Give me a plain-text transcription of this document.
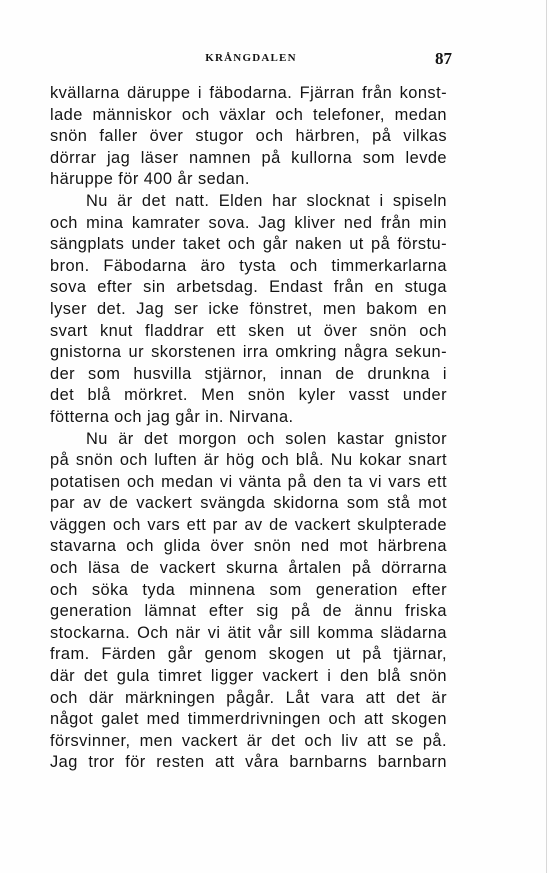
KRÅNGDALEN	87
kvällarna däruppe i fäbodarna. Fjärran från konst-
lade människor och växlar och telefoner, medan
snön faller över stugor och härbren, på vilkas
dörrar jag läser namnen på kullorna som levde
häruppe för 400 år sedan.
Nu är det natt. Elden har slocknat i spiseln
och mina kamrater sova. Jag kliver ned från min
sängplats under taket och går naken ut på förstu-
bron. Fäbodarna äro tysta och timmerkarlarna
sova efter sin arbetsdag. Endast från en stuga
lyser det. Jag ser icke fönstret, men bakom en
svart knut fladdrar ett sken ut över snön och
gnistorna ur skorstenen irra omkring några sekun-
der som husvilla stjärnor, innan de drunkna i
det blå mörkret. Men snön kyler vasst under
fötterna och jag går in. Nirvana.
Nu är det morgon och solen kastar gnistor
på snön och luften är hög och blå. Nu kokar snart
potatisen och medan vi vänta på den ta vi vars ett
par av de vackert svängda skidorna som stå mot
väggen och vars ett par av de vackert skulpterade
stavarna och glida över snön ned mot härbrena
och läsa de vackert skurna årtalen på dörrarna
och söka tyda minnena som generation efter
generation lämnat efter sig på de ännu friska
stockarna. Och när vi ätit vår sill komma slädarna
fram. Färden går genom skogen ut på tjärnar,
där det gula timret ligger vackert i den blå snön
och där märkningen pågår. Låt vara att det är
något galet med timmerdrivningen och att skogen
försvinner, men vackert är det och liv att se på.
Jag tror för resten att våra barnbarns barnbarn
